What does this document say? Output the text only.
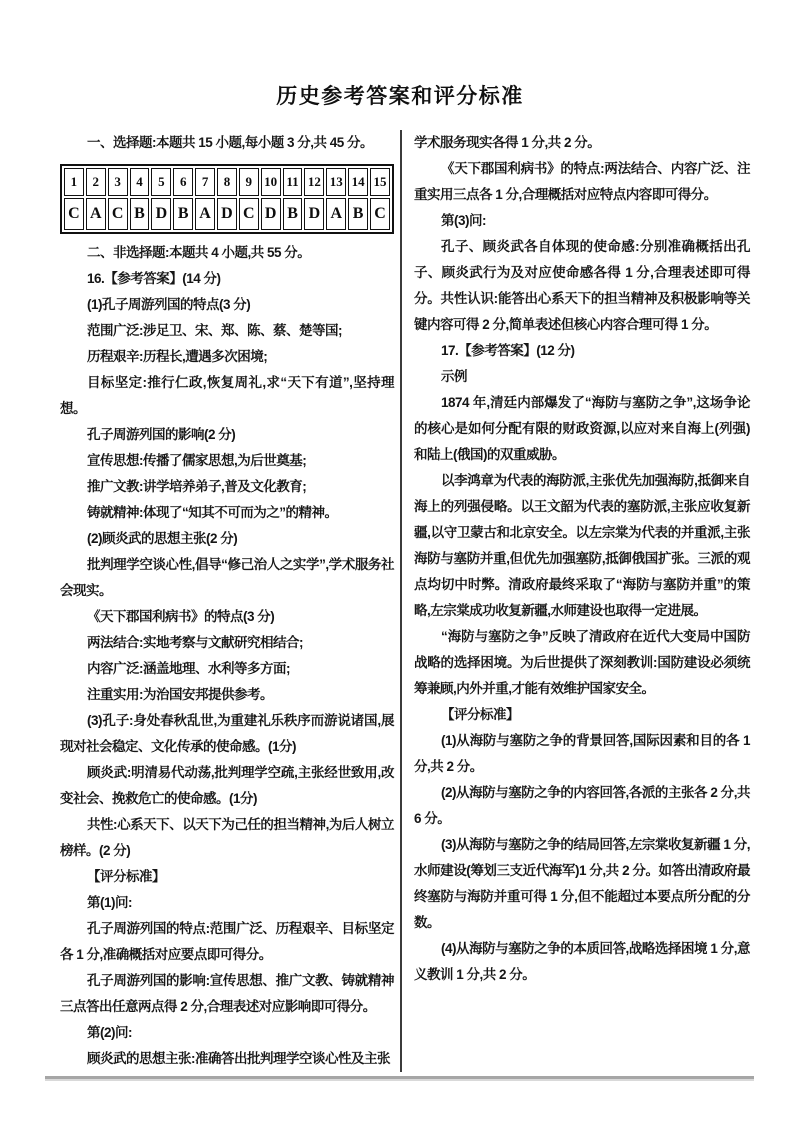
历史参考答案和评分标准

一、选择题:本题共 15 小题,每小题 3 分,共 45 分。

1	2	3	4	5	6	7	8	9	10	11	12	13	14	15
C	A	C	B	D	B	A	D	C	D	B	D	A	B	C

二、非选择题:本题共 4 小题,共 55 分。

16.【参考答案】(14 分)

(1)孔子周游列国的特点(3 分)

范围广泛:涉足卫、宋、郑、陈、蔡、楚等国;

历程艰辛:历程长,遭遇多次困境;

目标坚定:推行仁政,恢复周礼,求“天下有道”,坚持理想。

孔子周游列国的影响(2 分)

宣传思想:传播了儒家思想,为后世奠基;

推广文教:讲学培养弟子,普及文化教育;

铸就精神:体现了“知其不可而为之”的精神。

(2)顾炎武的思想主张(2 分)

批判理学空谈心性,倡导“修己治人之实学”,学术服务社会现实。

《天下郡国利病书》的特点(3 分)

两法结合:实地考察与文献研究相结合;

内容广泛:涵盖地理、水利等多方面;

注重实用:为治国安邦提供参考。

(3)孔子:身处春秋乱世,为重建礼乐秩序而游说诸国,展现对社会稳定、文化传承的使命感。(1分)

顾炎武:明清易代动荡,批判理学空疏,主张经世致用,改变社会、挽救危亡的使命感。(1分)

共性:心系天下、以天下为己任的担当精神,为后人树立榜样。(2 分)

【评分标准】

第(1)问:

孔子周游列国的特点:范围广泛、历程艰辛、目标坚定各 1 分,准确概括对应要点即可得分。

孔子周游列国的影响:宣传思想、推广文教、铸就精神三点答出任意两点得 2 分,合理表述对应影响即可得分。

第(2)问:

顾炎武的思想主张:准确答出批判理学空谈心性及主张

学术服务现实各得 1 分,共 2 分。

《天下郡国利病书》的特点:两法结合、内容广泛、注重实用三点各 1 分,合理概括对应特点内容即可得分。

第(3)问:

孔子、顾炎武各自体现的使命感:分别准确概括出孔子、顾炎武行为及对应使命感各得 1 分,合理表述即可得分。共性认识:能答出心系天下的担当精神及积极影响等关键内容可得 2 分,简单表述但核心内容合理可得 1 分。

17.【参考答案】(12 分)

示例

1874 年,清廷内部爆发了“海防与塞防之争”,这场争论的核心是如何分配有限的财政资源,以应对来自海上(列强)和陆上(俄国)的双重威胁。

以李鸿章为代表的海防派,主张优先加强海防,抵御来自海上的列强侵略。以王文韶为代表的塞防派,主张应收复新疆,以守卫蒙古和北京安全。以左宗棠为代表的并重派,主张海防与塞防并重,但优先加强塞防,抵御俄国扩张。三派的观点均切中时弊。清政府最终采取了“海防与塞防并重”的策略,左宗棠成功收复新疆,水师建设也取得一定进展。

“海防与塞防之争”反映了清政府在近代大变局中国防战略的选择困境。为后世提供了深刻教训:国防建设必须统筹兼顾,内外并重,才能有效维护国家安全。

【评分标准】

(1)从海防与塞防之争的背景回答,国际因素和目的各 1 分,共 2 分。

(2)从海防与塞防之争的内容回答,各派的主张各 2 分,共 6 分。

(3)从海防与塞防之争的结局回答,左宗棠收复新疆 1 分,水师建设(筹划三支近代海军)1 分,共 2 分。如答出清政府最终塞防与海防并重可得 1 分,但不能超过本要点所分配的分数。

(4)从海防与塞防之争的本质回答,战略选择困境 1 分,意义教训 1 分,共 2 分。
